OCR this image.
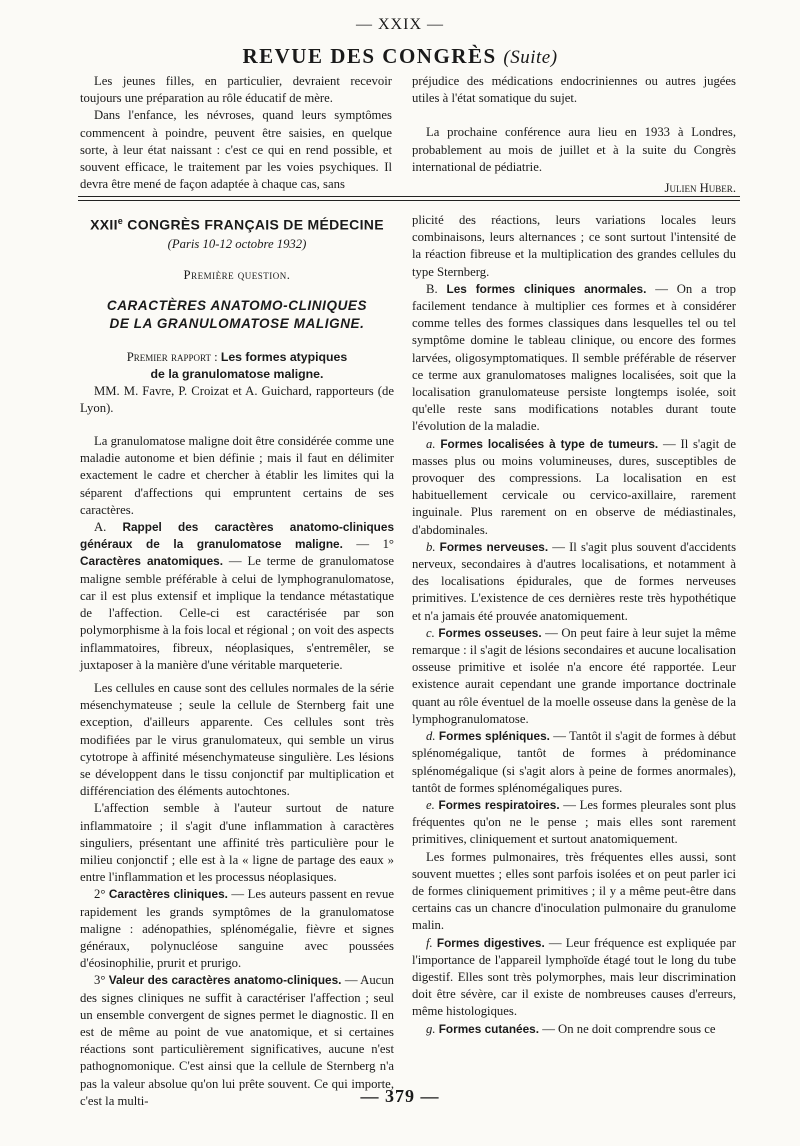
— XXIX —
REVUE DES CONGRÈS (Suite)

Les jeunes filles, en particulier, devraient recevoir toujours une préparation au rôle éducatif de mère.

Dans l'enfance, les névroses, quand leurs symptômes commencent à poindre, peuvent être saisies, en quelque sorte, à leur état naissant : c'est ce qui en rend possible, et souvent efficace, le traitement par les voies psychiques. Il devra être mené de façon adaptée à chaque cas, sans

préjudice des médications endocriniennes ou autres jugées utiles à l'état somatique du sujet.

La prochaine conférence aura lieu en 1933 à Londres, probablement au mois de juillet et à la suite du Congrès international de pédiatrie.

Julien Huber.
XXIIe CONGRÈS FRANÇAIS DE MÉDECINE
(Paris 10-12 octobre 1932)
Première question.
CARACTÈRES ANATOMO-CLINIQUES
DE LA GRANULOMATOSE MALIGNE.
Premier rapport : Les formes atypiques
de la granulomatose maligne.

MM. M. Favre, P. Croizat et A. Guichard, rapporteurs (de Lyon).

La granulomatose maligne doit être considérée comme une maladie autonome et bien définie ; mais il faut en délimiter exactement le cadre et chercher à établir les limites qui la séparent d'affections qui empruntent certains de ses caractères.

A. Rappel des caractères anatomo-cliniques généraux de la granulomatose maligne. — 1° Caractères anatomiques. — Le terme de granulomatose maligne semble préférable à celui de lymphogranulomatose, car il est plus extensif et implique la tendance métastatique de l'affection. Celle-ci est caractérisée par son polymorphisme à la fois local et régional ; on voit des aspects inflammatoires, fibreux, néoplasiques, s'entremêler, se juxtaposer à la manière d'une véritable marqueterie.

Les cellules en cause sont des cellules normales de la série mésenchymateuse ; seule la cellule de Sternberg fait une exception, d'ailleurs apparente. Ces cellules sont très modifiées par le virus granulomateux, qui semble un virus cytotrope à affinité mésenchymateuse singulière. Les lésions se développent dans le tissu conjonctif par multiplication et différenciation des éléments autochtones.

L'affection semble à l'auteur surtout de nature inflammatoire ; il s'agit d'une inflammation à caractères singuliers, présentant une affinité très particulière pour le milieu conjonctif ; elle est à la « ligne de partage des eaux » entre l'inflammation et les processus néoplasiques.

2° Caractères cliniques. — Les auteurs passent en revue rapidement les grands symptômes de la granulomatose maligne : adénopathies, splénomégalie, fièvre et signes généraux, polynucléose sanguine avec poussées d'éosinophilie, prurit et prurigo.

3° Valeur des caractères anatomo-cliniques. — Aucun des signes cliniques ne suffit à caractériser l'affection ; seul un ensemble convergent de signes permet le diagnostic. Il en est de même au point de vue anatomique, et si certaines réactions sont particulièrement significatives, aucune n'est pathognomonique. C'est ainsi que la cellule de Sternberg n'a pas la valeur absolue qu'on lui prête souvent. Ce qui importe, c'est la multi-

plicité des réactions, leurs variations locales leurs combinaisons, leurs alternances ; ce sont surtout l'intensité de la réaction fibreuse et la multiplication des grandes cellules du type Sternberg.

B. Les formes cliniques anormales. — On a trop facilement tendance à multiplier ces formes et à considérer comme telles des formes classiques dans lesquelles tel ou tel symptôme domine le tableau clinique, ou encore des formes larvées, oligosymptomatiques. Il semble préférable de réserver ce terme aux granulomatoses malignes localisées, soit que la localisation granulomateuse persiste longtemps isolée, soit qu'elle reste sans modifications notables durant toute l'évolution de la maladie.

a. Formes localisées à type de tumeurs. — Il s'agit de masses plus ou moins volumineuses, dures, susceptibles de provoquer des compressions. La localisation en est habituellement cervicale ou cervico-axillaire, rarement inguinale. Plus rarement on en observe de médiastinales, d'abdominales.

b. Formes nerveuses. — Il s'agit plus souvent d'accidents nerveux, secondaires à d'autres localisations, et notamment à des localisations épidurales, que de formes nerveuses primitives. L'existence de ces dernières reste très hypothétique et n'a jamais été prouvée anatomiquement.

c. Formes osseuses. — On peut faire à leur sujet la même remarque : il s'agit de lésions secondaires et aucune localisation osseuse primitive et isolée n'a encore été rapportée. Leur existence aurait cependant une grande importance doctrinale quant au rôle éventuel de la moelle osseuse dans la genèse de la lymphogranulomatose.

d. Formes spléniques. — Tantôt il s'agit de formes à début splénomégalique, tantôt de formes à prédominance splénomégalique (si s'agit alors à peine de formes anormales), tantôt de formes splénomégaliques pures.

e. Formes respiratoires. — Les formes pleurales sont plus fréquentes qu'on ne le pense ; mais elles sont rarement primitives, cliniquement et surtout anatomiquement.

Les formes pulmonaires, très fréquentes elles aussi, sont souvent muettes ; elles sont parfois isolées et on peut parler ici de formes cliniquement primitives ; il y a même peut-être dans certains cas un chancre d'inoculation pulmonaire du granulome malin.

f. Formes digestives. — Leur fréquence est expliquée par l'importance de l'appareil lymphoïde étagé tout le long du tube digestif. Elles sont très polymorphes, mais leur discrimination doit être sévère, car il existe de nombreuses causes d'erreurs, même histologiques.

g. Formes cutanées. — On ne doit comprendre sous ce

— 379 —
